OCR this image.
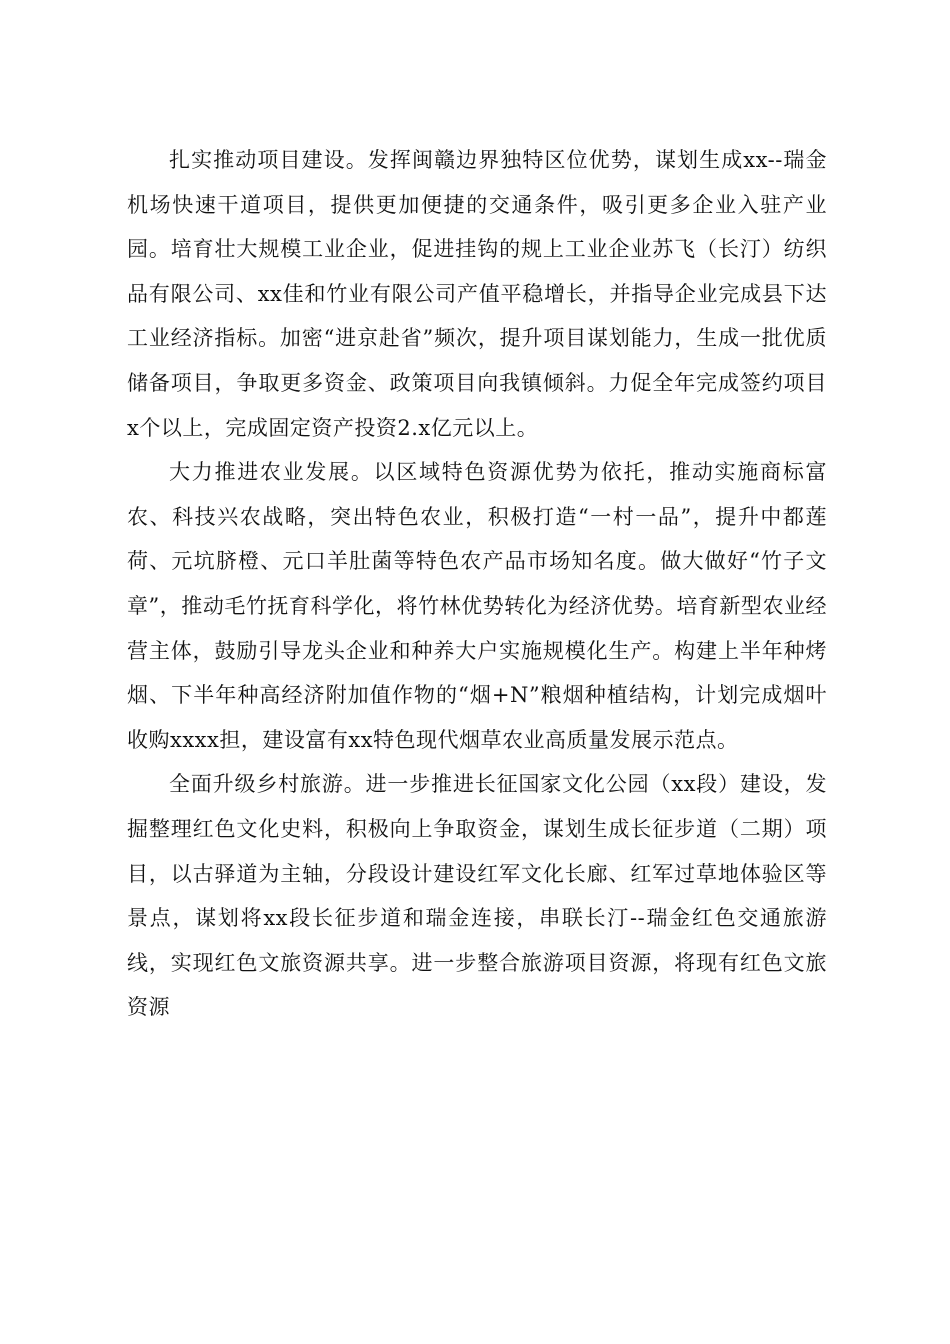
扎实推动项目建设。发挥闽赣边界独特区位优势，谋划生成xx--瑞金机场快速干道项目，提供更加便捷的交通条件，吸引更多企业入驻产业园。培育壮大规模工业企业，促进挂钩的规上工业企业苏飞（长汀）纺织品有限公司、xx佳和竹业有限公司产值平稳增长，并指导企业完成县下达工业经济指标。加密“进京赴省”频次，提升项目谋划能力，生成一批优质储备项目，争取更多资金、政策项目向我镇倾斜。力促全年完成签约项目x个以上，完成固定资产投资2.x亿元以上。

大力推进农业发展。以区域特色资源优势为依托，推动实施商标富农、科技兴农战略，突出特色农业，积极打造“一村一品”，提升中都莲荷、元坑脐橙、元口羊肚菌等特色农产品市场知名度。做大做好“竹子文章”，推动毛竹抚育科学化，将竹林优势转化为经济优势。培育新型农业经营主体，鼓励引导龙头企业和种养大户实施规模化生产。构建上半年种烤烟、下半年种高经济附加值作物的“烟+N”粮烟种植结构，计划完成烟叶收购xxxx担，建设富有xx特色现代烟草农业高质量发展示范点。

全面升级乡村旅游。进一步推进长征国家文化公园（xx段）建设，发掘整理红色文化史料，积极向上争取资金，谋划生成长征步道（二期）项目，以古驿道为主轴，分段设计建设红军文化长廊、红军过草地体验区等景点，谋划将xx段长征步道和瑞金连接，串联长汀--瑞金红色交通旅游线，实现红色文旅资源共享。进一步整合旅游项目资源，将现有红色文旅资源
